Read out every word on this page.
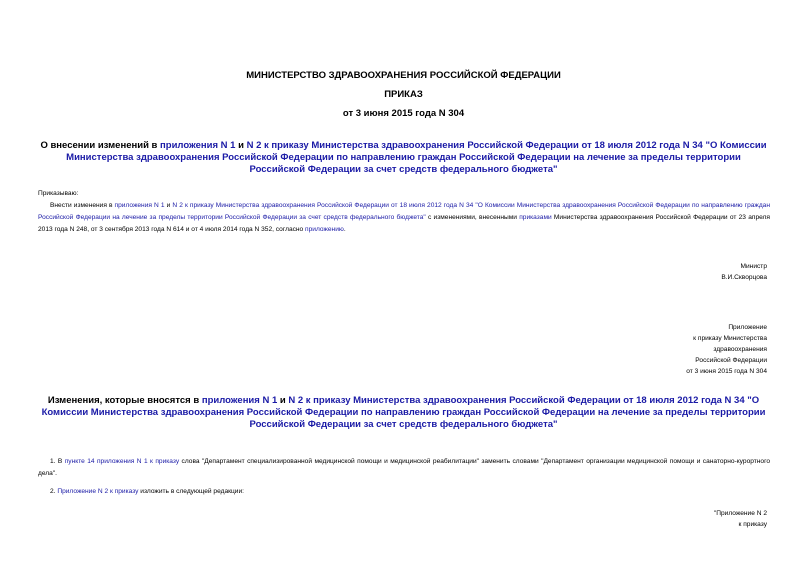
МИНИСТЕРСТВО ЗДРАВООХРАНЕНИЯ РОССИЙСКОЙ ФЕДЕРАЦИИ
ПРИКАЗ
от 3 июня 2015 года N 304
О внесении изменений в приложения N 1 и N 2 к приказу Министерства здравоохранения Российской Федерации от 18 июля 2012 года N 34 "О Комиссии Министерства здравоохранения Российской Федерации по направлению граждан Российской Федерации на лечение за пределы территории Российской Федерации за счет средств федерального бюджета"
Приказываю:
Внести изменения в приложения N 1 и N 2 к приказу Министерства здравоохранения Российской Федерации от 18 июля 2012 года N 34 "О Комиссии Министерства здравоохранения Российской Федерации по направлению граждан Российской Федерации на лечение за пределы территории Российской Федерации за счет средств федерального бюджета" с изменениями, внесенными приказами Министерства здравоохранения Российской Федерации от 23 апреля 2013 года N 248, от 3 сентября 2013 года N 614 и от 4 июля 2014 года N 352, согласно приложению.
Министр
В.И.Скворцова
Приложение
к приказу Министерства
здравоохранения
Российской Федерации
от 3 июня 2015 года N 304
Изменения, которые вносятся в приложения N 1 и N 2 к приказу Министерства здравоохранения Российской Федерации от 18 июля 2012 года N 34 "О Комиссии Министерства здравоохранения Российской Федерации по направлению граждан Российской Федерации на лечение за пределы территории Российской Федерации за счет средств федерального бюджета"
1. В пункте 14 приложения N 1 к приказу слова "Департамент специализированной медицинской помощи и медицинской реабилитации" заменить словами "Департамент организации медицинской помощи и санаторно-курортного дела".
2. Приложение N 2 к приказу изложить в следующей редакции:
"Приложение N 2
к приказу
